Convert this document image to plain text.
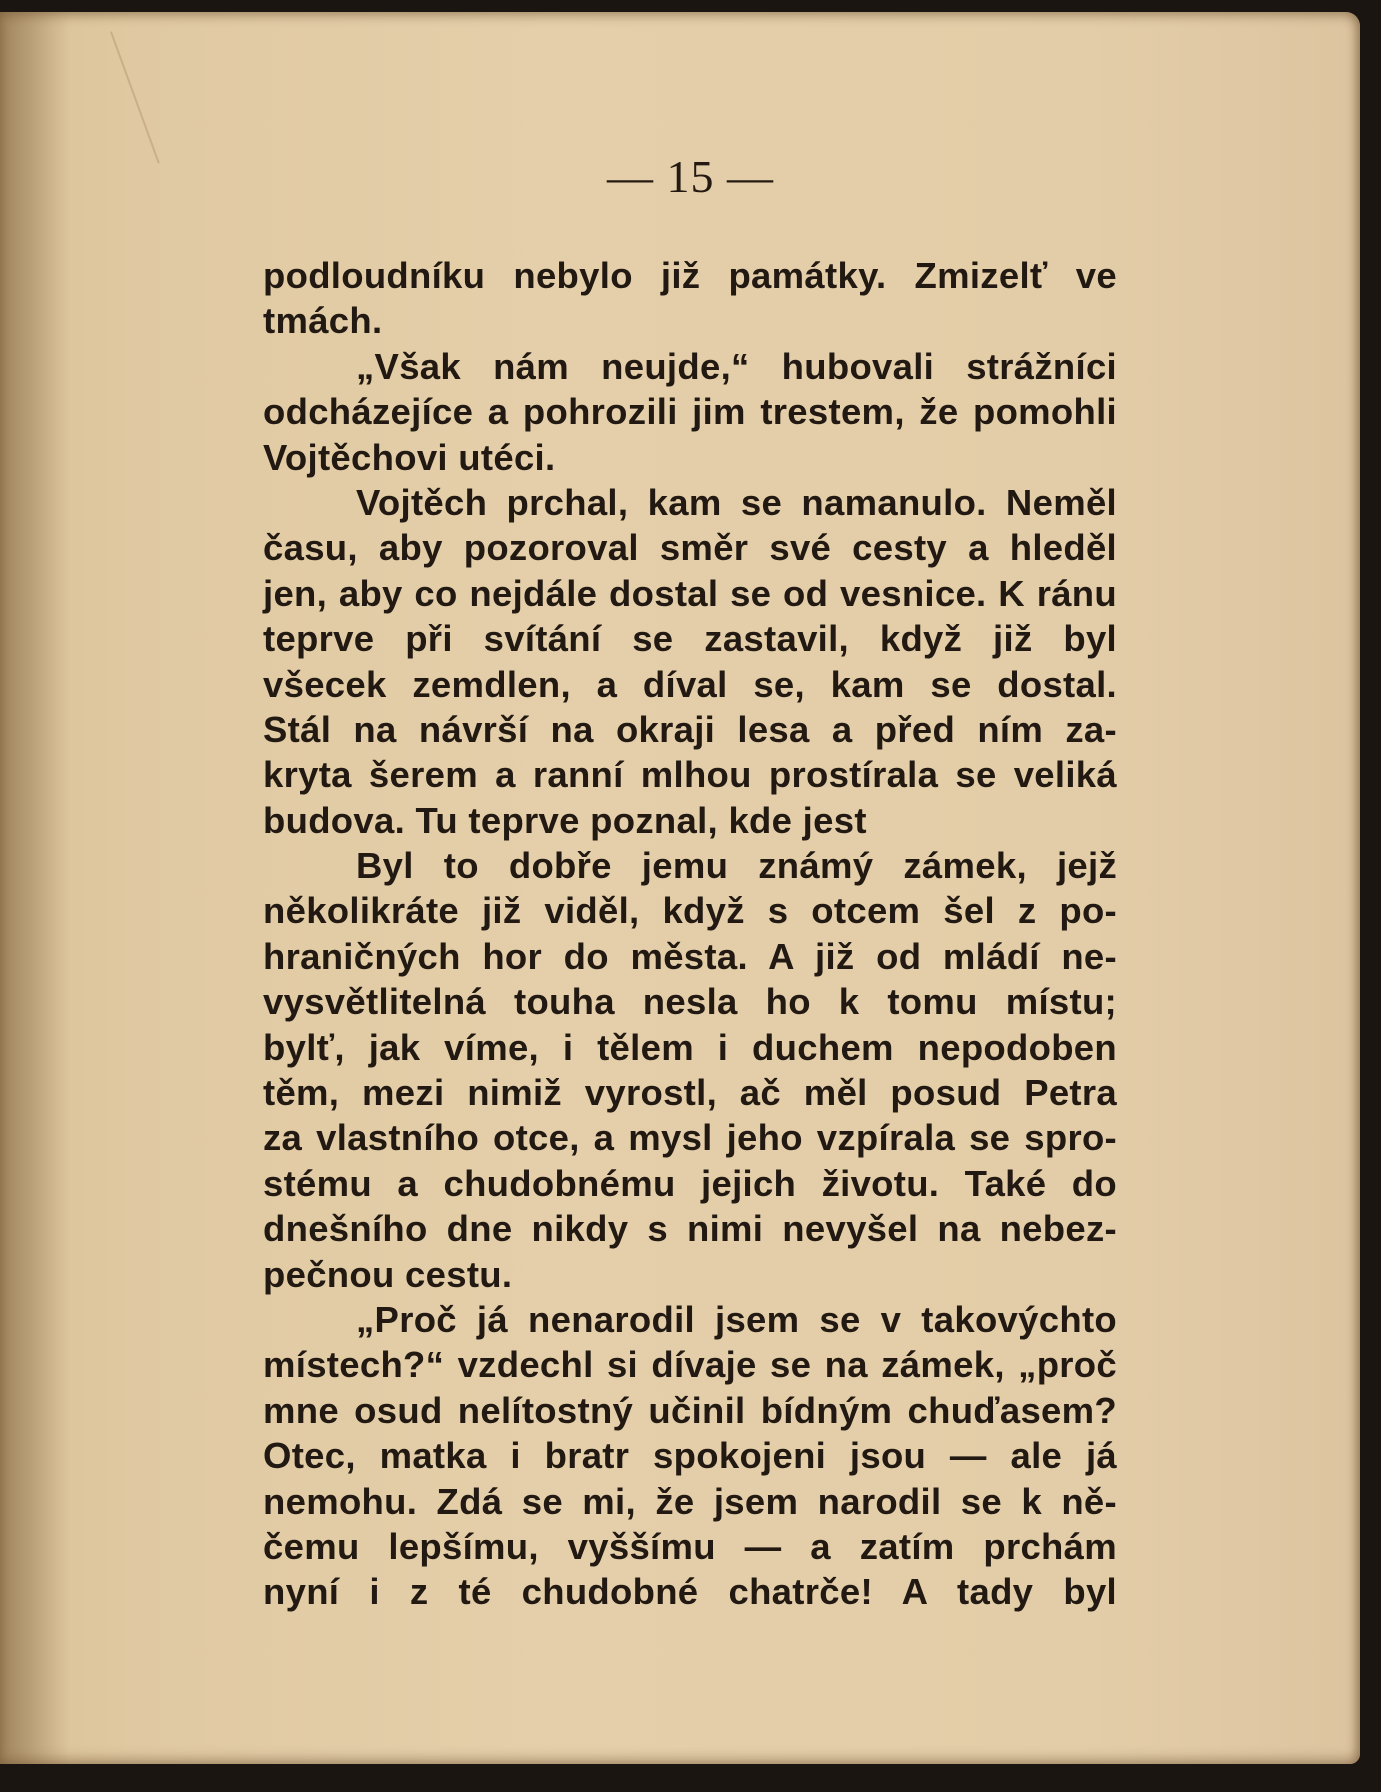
— 15 —
podloudníku nebylo již památky. Zmizelť ve
tmách.
„Však nám neujde,“ hubovali strážníci
odcházejíce a pohrozili jim trestem, že pomohli
Vojtěchovi utéci.
Vojtěch prchal, kam se namanulo. Neměl
času, aby pozoroval směr své cesty a hleděl
jen, aby co nejdále dostal se od vesnice. K ránu
teprve při svítání se zastavil, když již byl
všecek zemdlen, a díval se, kam se dostal.
Stál na návrší na okraji lesa a před ním za-
kryta šerem a ranní mlhou prostírala se veliká
budova. Tu teprve poznal, kde jest
Byl to dobře jemu známý zámek, jejž
několikráte již viděl, když s otcem šel z po-
hraničných hor do města. A již od mládí ne-
vysvětlitelná touha nesla ho k tomu místu;
bylť, jak víme, i tělem i duchem nepodoben
těm, mezi nimiž vyrostl, ač měl posud Petra
za vlastního otce, a mysl jeho vzpírala se spro-
stému a chudobnému jejich životu. Také do
dnešního dne nikdy s nimi nevyšel na nebez-
pečnou cestu.
„Proč já nenarodil jsem se v takovýchto
místech?“ vzdechl si dívaje se na zámek, „proč
mne osud nelítostný učinil bídným chuďasem?
Otec, matka i bratr spokojeni jsou — ale já
nemohu. Zdá se mi, že jsem narodil se k ně-
čemu lepšímu, vyššímu — a zatím prchám
nyní i z té chudobné chatrče! A tady byl
